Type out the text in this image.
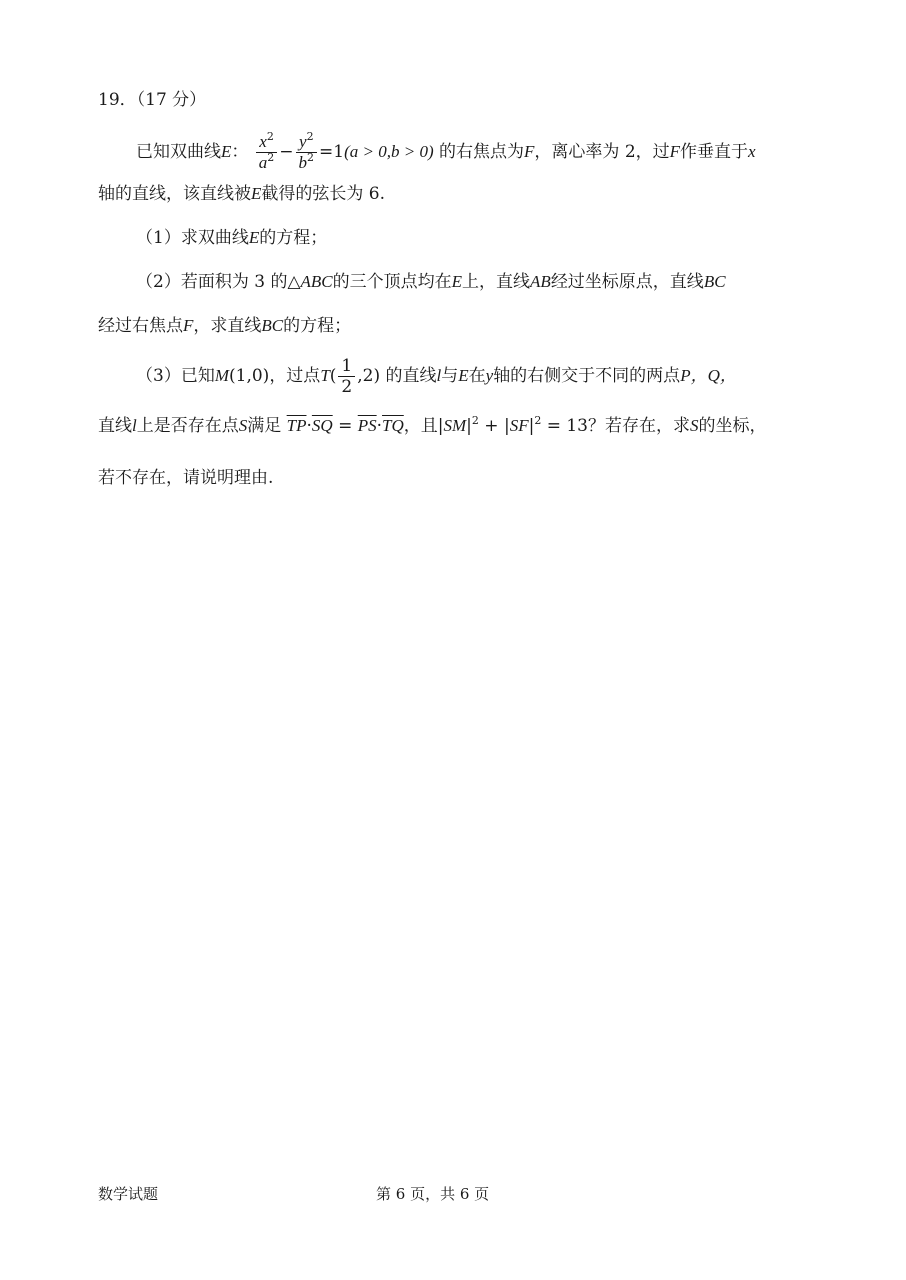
19．（17 分）
已知双曲线E： $\frac{x^2}{a^2} - \frac{y^2}{b^2} =1(a > 0,b > 0)$ 的右焦点为F，离心率为 2，过F作垂直于x
轴的直线，该直线被E截得的弦长为 6.
（1）求双曲线E的方程；
（2）若面积为 3 的△ABC的三个顶点均在E上，直线AB经过坐标原点，直线BC
经过右焦点F，求直线BC的方程；
（3）已知M(1,0)，过点$T( \frac{1}{2} ,2)$ 的直线l与E在y轴的右侧交于不同的两点P，Q，
直线l上是否存在点S满足 $\overline{TP}\cdot\overline{SQ} = \overline{PS}\cdot\overline{TQ}$，且$|SM|^2 + |SF|^2 = 13$？若存在，求S的坐标，
若不存在，请说明理由.
数学试题	第 6 页，共 6 页
